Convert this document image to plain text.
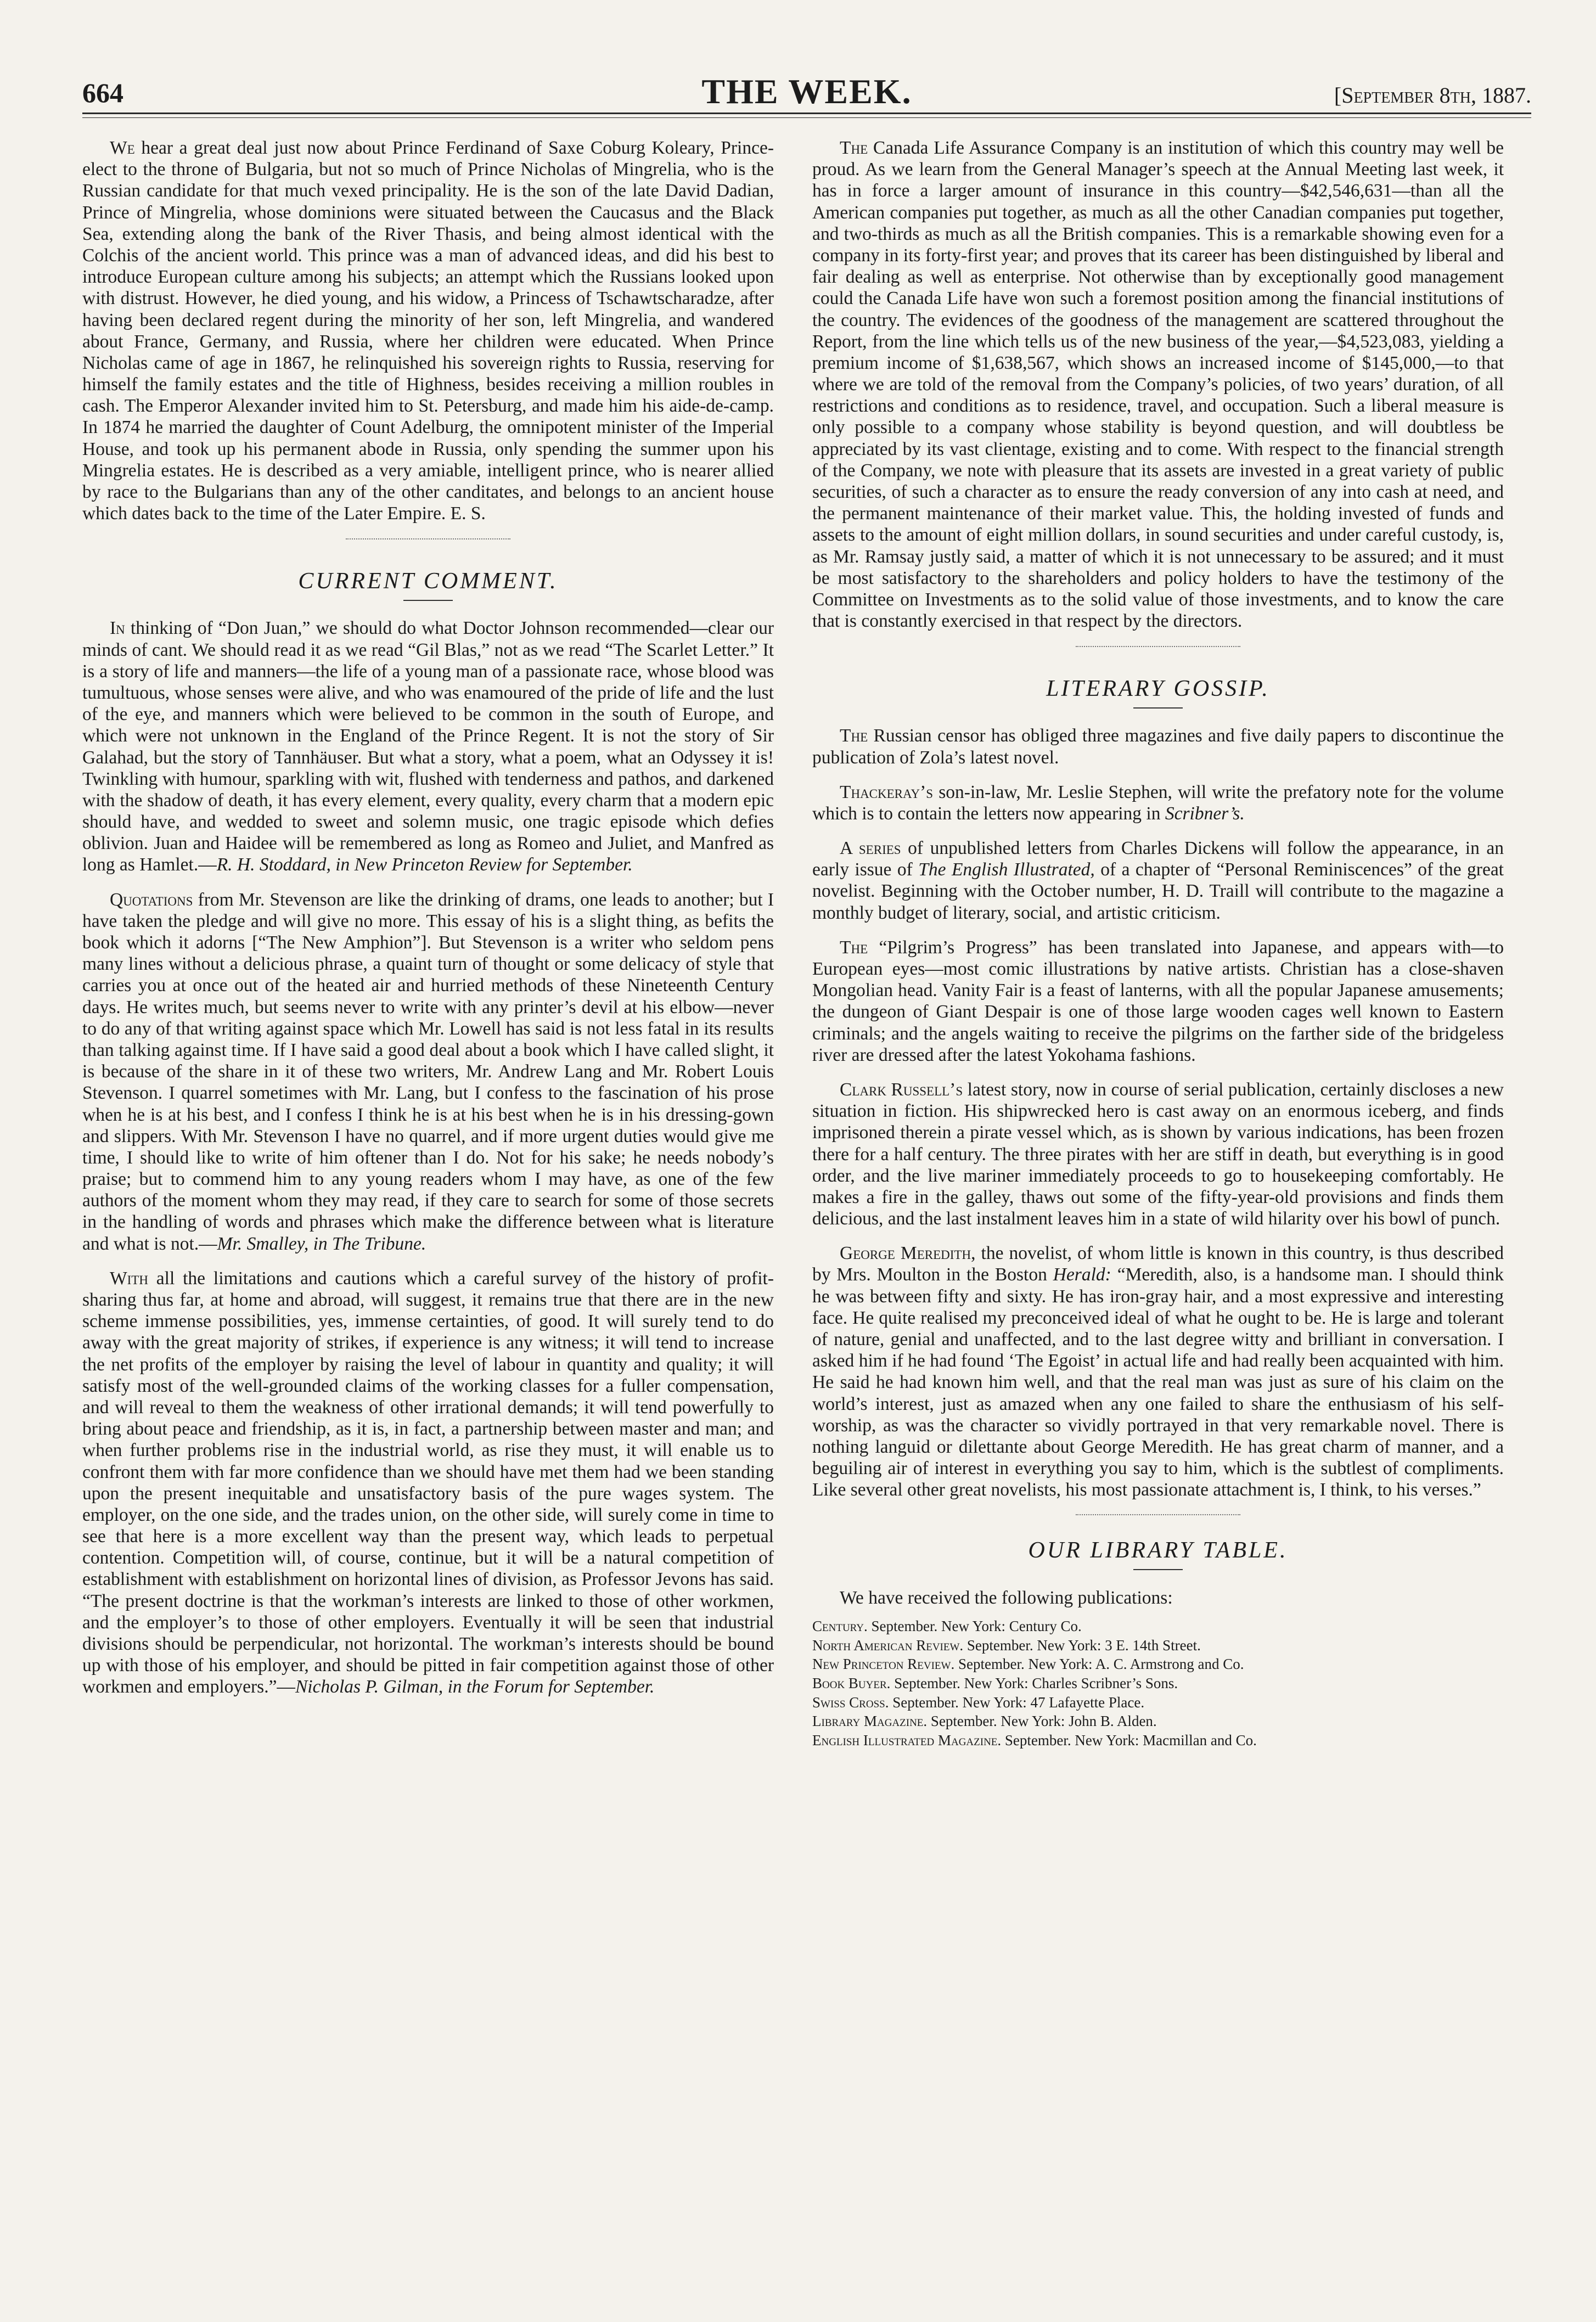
664	THE WEEK.	[September 8th, 1887.

We hear a great deal just now about Prince Ferdinand of Saxe Coburg Koleary, Prince-elect to the throne of Bulgaria, but not so much of Prince Nicholas of Mingrelia, who is the Russian candidate for that much vexed principality. He is the son of the late David Dadian, Prince of Mingrelia, whose dominions were situated between the Caucasus and the Black Sea, extending along the bank of the River Thasis, and being almost identical with the Colchis of the ancient world. This prince was a man of advanced ideas, and did his best to introduce European culture among his subjects; an attempt which the Russians looked upon with distrust. However, he died young, and his widow, a Princess of Tschawtscharadze, after having been declared regent during the minority of her son, left Mingrelia, and wandered about France, Germany, and Russia, where her children were educated. When Prince Nicholas came of age in 1867, he relinquished his sovereign rights to Russia, reserving for himself the family estates and the title of Highness, besides receiving a million roubles in cash. The Emperor Alexander invited him to St. Petersburg, and made him his aide-de-camp. In 1874 he married the daughter of Count Adelburg, the omnipotent minister of the Imperial House, and took up his permanent abode in Russia, only spending the summer upon his Mingrelia estates. He is described as a very amiable, intelligent prince, who is nearer allied by race to the Bulgarians than any of the other canditates, and belongs to an ancient house which dates back to the time of the Later Empire. E. S.

CURRENT COMMENT.

In thinking of “Don Juan,” we should do what Doctor Johnson recommended—clear our minds of cant. We should read it as we read “Gil Blas,” not as we read “The Scarlet Letter.” It is a story of life and manners—the life of a young man of a passionate race, whose blood was tumultuous, whose senses were alive, and who was enamoured of the pride of life and the lust of the eye, and manners which were believed to be common in the south of Europe, and which were not unknown in the England of the Prince Regent. It is not the story of Sir Galahad, but the story of Tannhäuser. But what a story, what a poem, what an Odyssey it is! Twinkling with humour, sparkling with wit, flushed with tenderness and pathos, and darkened with the shadow of death, it has every element, every quality, every charm that a modern epic should have, and wedded to sweet and solemn music, one tragic episode which defies oblivion. Juan and Haidee will be remembered as long as Romeo and Juliet, and Manfred as long as Hamlet.—R. H. Stoddard, in New Princeton Review for September.

Quotations from Mr. Stevenson are like the drinking of drams, one leads to another; but I have taken the pledge and will give no more. This essay of his is a slight thing, as befits the book which it adorns [“The New Amphion”]. But Stevenson is a writer who seldom pens many lines without a delicious phrase, a quaint turn of thought or some delicacy of style that carries you at once out of the heated air and hurried methods of these Nineteenth Century days. He writes much, but seems never to write with any printer’s devil at his elbow—never to do any of that writing against space which Mr. Lowell has said is not less fatal in its results than talking against time. If I have said a good deal about a book which I have called slight, it is because of the share in it of these two writers, Mr. Andrew Lang and Mr. Robert Louis Stevenson. I quarrel sometimes with Mr. Lang, but I confess to the fascination of his prose when he is at his best, and I confess I think he is at his best when he is in his dressing-gown and slippers. With Mr. Stevenson I have no quarrel, and if more urgent duties would give me time, I should like to write of him oftener than I do. Not for his sake; he needs nobody’s praise; but to commend him to any young readers whom I may have, as one of the few authors of the moment whom they may read, if they care to search for some of those secrets in the handling of words and phrases which make the difference between what is literature and what is not.—Mr. Smalley, in The Tribune.

With all the limitations and cautions which a careful survey of the history of profit-sharing thus far, at home and abroad, will suggest, it remains true that there are in the new scheme immense possibilities, yes, immense certainties, of good. It will surely tend to do away with the great majority of strikes, if experience is any witness; it will tend to increase the net profits of the employer by raising the level of labour in quantity and quality; it will satisfy most of the well-grounded claims of the working classes for a fuller compensation, and will reveal to them the weakness of other irrational demands; it will tend powerfully to bring about peace and friendship, as it is, in fact, a partnership between master and man; and when further problems rise in the industrial world, as rise they must, it will enable us to confront them with far more confidence than we should have met them had we been standing upon the present inequitable and unsatisfactory basis of the pure wages system. The employer, on the one side, and the trades union, on the other side, will surely come in time to see that here is a more excellent way than the present way, which leads to perpetual contention. Competition will, of course, continue, but it will be a natural competition of establishment with establishment on horizontal lines of division, as Professor Jevons has said. “The present doctrine is that the workman’s interests are linked to those of other workmen, and the employer’s to those of other employers. Eventually it will be seen that industrial divisions should be perpendicular, not horizontal. The workman’s interests should be bound up with those of his employer, and should be pitted in fair competition against those of other workmen and employers.”—Nicholas P. Gilman, in the Forum for September.

The Canada Life Assurance Company is an institution of which this country may well be proud. As we learn from the General Manager’s speech at the Annual Meeting last week, it has in force a larger amount of insurance in this country—$42,546,631—than all the American companies put together, as much as all the other Canadian companies put together, and two-thirds as much as all the British companies. This is a remarkable showing even for a company in its forty-first year; and proves that its career has been distinguished by liberal and fair dealing as well as enterprise. Not otherwise than by exceptionally good management could the Canada Life have won such a foremost position among the financial institutions of the country. The evidences of the goodness of the management are scattered throughout the Report, from the line which tells us of the new business of the year,—$4,523,083, yielding a premium income of $1,638,567, which shows an increased income of $145,000,—to that where we are told of the removal from the Company’s policies, of two years’ duration, of all restrictions and conditions as to residence, travel, and occupation. Such a liberal measure is only possible to a company whose stability is beyond question, and will doubtless be appreciated by its vast clientage, existing and to come. With respect to the financial strength of the Company, we note with pleasure that its assets are invested in a great variety of public securities, of such a character as to ensure the ready conversion of any into cash at need, and the permanent maintenance of their market value. This, the holding invested of funds and assets to the amount of eight million dollars, in sound securities and under careful custody, is, as Mr. Ramsay justly said, a matter of which it is not unnecessary to be assured; and it must be most satisfactory to the shareholders and policy holders to have the testimony of the Committee on Investments as to the solid value of those investments, and to know the care that is constantly exercised in that respect by the directors.

LITERARY GOSSIP.

The Russian censor has obliged three magazines and five daily papers to discontinue the publication of Zola’s latest novel.

Thackeray’s son-in-law, Mr. Leslie Stephen, will write the prefatory note for the volume which is to contain the letters now appearing in Scribner’s.

A series of unpublished letters from Charles Dickens will follow the appearance, in an early issue of The English Illustrated, of a chapter of “Personal Reminiscences” of the great novelist. Beginning with the October number, H. D. Traill will contribute to the magazine a monthly budget of literary, social, and artistic criticism.

The “Pilgrim’s Progress” has been translated into Japanese, and appears with—to European eyes—most comic illustrations by native artists. Christian has a close-shaven Mongolian head. Vanity Fair is a feast of lanterns, with all the popular Japanese amusements; the dungeon of Giant Despair is one of those large wooden cages well known to Eastern criminals; and the angels waiting to receive the pilgrims on the farther side of the bridgeless river are dressed after the latest Yokohama fashions.

Clark Russell’s latest story, now in course of serial publication, certainly discloses a new situation in fiction. His shipwrecked hero is cast away on an enormous iceberg, and finds imprisoned therein a pirate vessel which, as is shown by various indications, has been frozen there for a half century. The three pirates with her are stiff in death, but everything is in good order, and the live mariner immediately proceeds to go to housekeeping comfortably. He makes a fire in the galley, thaws out some of the fifty-year-old provisions and finds them delicious, and the last instalment leaves him in a state of wild hilarity over his bowl of punch.

George Meredith, the novelist, of whom little is known in this country, is thus described by Mrs. Moulton in the Boston Herald: “Meredith, also, is a handsome man. I should think he was between fifty and sixty. He has iron-gray hair, and a most expressive and interesting face. He quite realised my preconceived ideal of what he ought to be. He is large and tolerant of nature, genial and unaffected, and to the last degree witty and brilliant in conversation. I asked him if he had found ‘The Egoist’ in actual life and had really been acquainted with him. He said he had known him well, and that the real man was just as sure of his claim on the world’s interest, just as amazed when any one failed to share the enthusiasm of his self-worship, as was the character so vividly portrayed in that very remarkable novel. There is nothing languid or dilettante about George Meredith. He has great charm of manner, and a beguiling air of interest in everything you say to him, which is the subtlest of compliments. Like several other great novelists, his most passionate attachment is, I think, to his verses.”

OUR LIBRARY TABLE.

We have received the following publications:

Century. September. New York: Century Co.
North American Review. September. New York: 3 E. 14th Street.
New Princeton Review. September. New York: A. C. Armstrong and Co.
Book Buyer. September. New York: Charles Scribner’s Sons.
Swiss Cross. September. New York: 47 Lafayette Place.
Library Magazine. September. New York: John B. Alden.
English Illustrated Magazine. September. New York: Macmillan and Co.
